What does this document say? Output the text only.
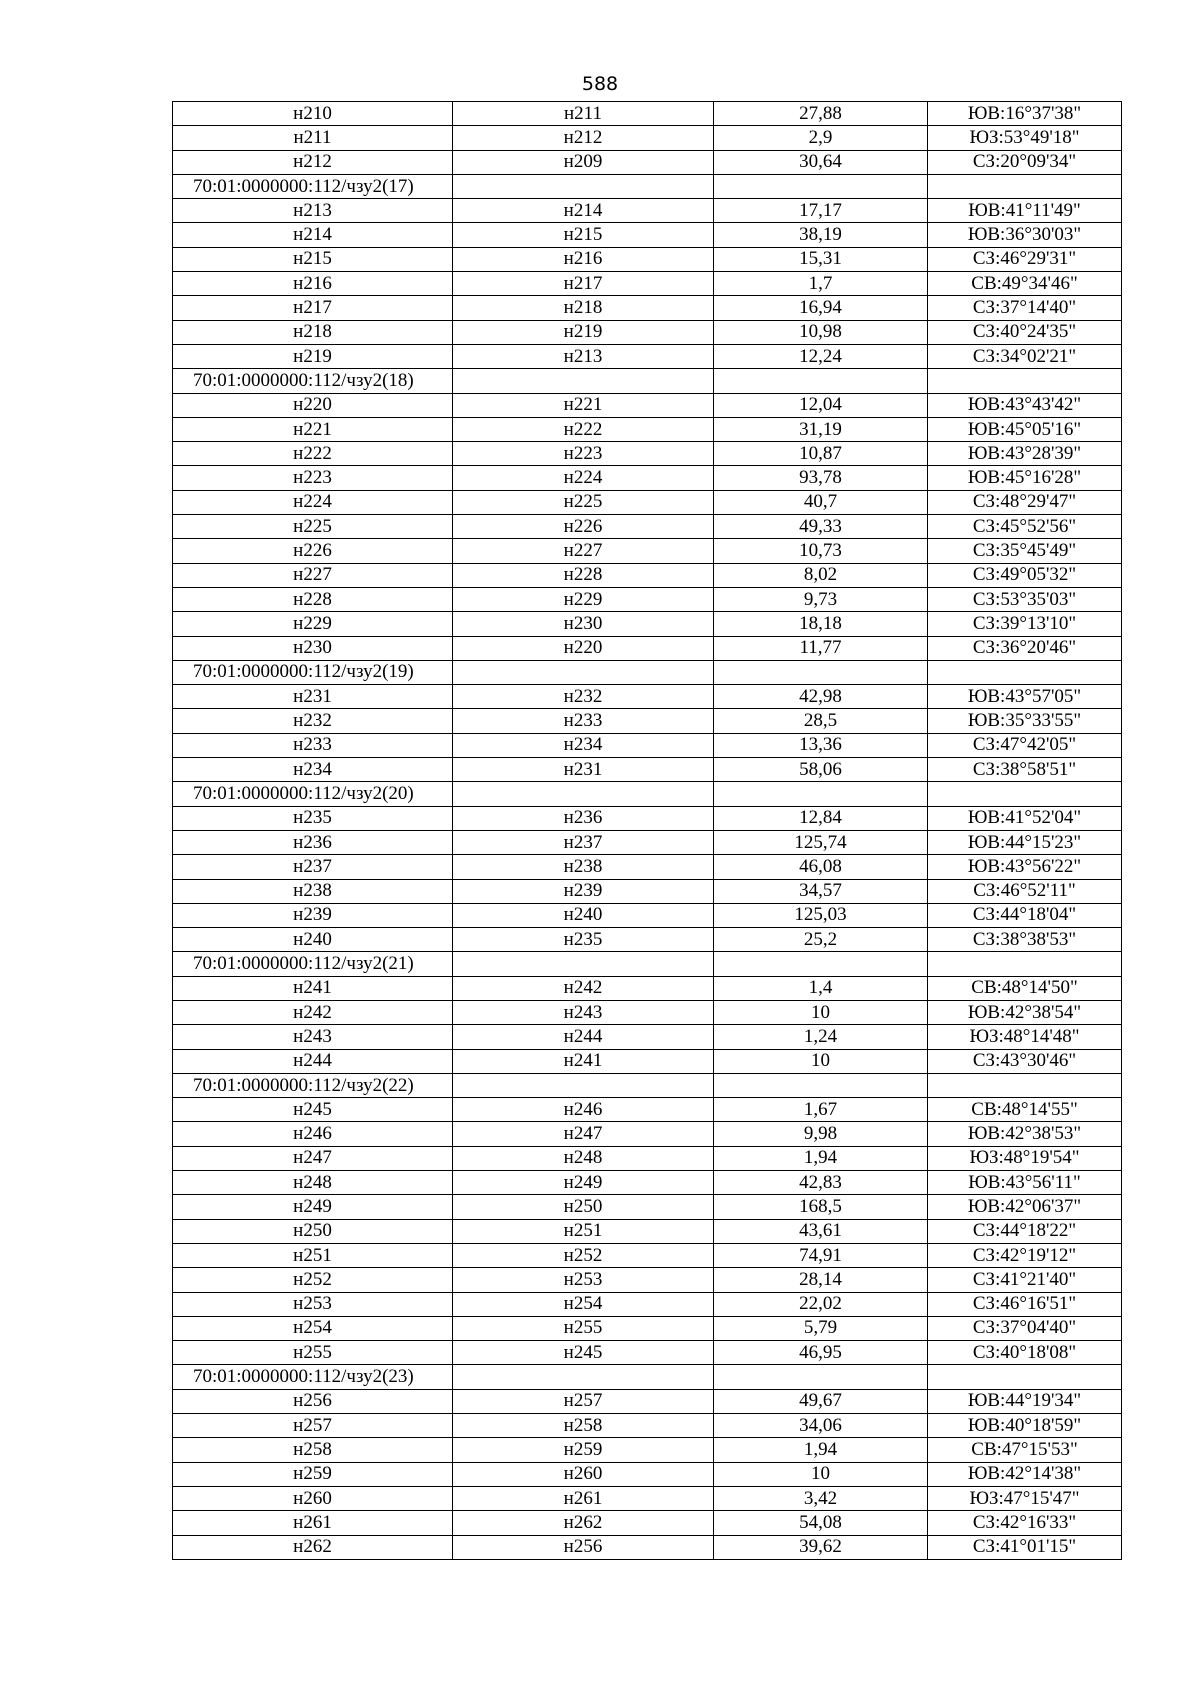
588
н210	н211	27,88	ЮВ:16°37'38"
н211	н212	2,9	ЮЗ:53°49'18"
н212	н209	30,64	СЗ:20°09'34"
70:01:0000000:112/чзу2(17)			
н213	н214	17,17	ЮВ:41°11'49"
н214	н215	38,19	ЮВ:36°30'03"
н215	н216	15,31	СЗ:46°29'31"
н216	н217	1,7	СВ:49°34'46"
н217	н218	16,94	СЗ:37°14'40"
н218	н219	10,98	СЗ:40°24'35"
н219	н213	12,24	СЗ:34°02'21"
70:01:0000000:112/чзу2(18)			
н220	н221	12,04	ЮВ:43°43'42"
н221	н222	31,19	ЮВ:45°05'16"
н222	н223	10,87	ЮВ:43°28'39"
н223	н224	93,78	ЮВ:45°16'28"
н224	н225	40,7	СЗ:48°29'47"
н225	н226	49,33	СЗ:45°52'56"
н226	н227	10,73	СЗ:35°45'49"
н227	н228	8,02	СЗ:49°05'32"
н228	н229	9,73	СЗ:53°35'03"
н229	н230	18,18	СЗ:39°13'10"
н230	н220	11,77	СЗ:36°20'46"
70:01:0000000:112/чзу2(19)			
н231	н232	42,98	ЮВ:43°57'05"
н232	н233	28,5	ЮВ:35°33'55"
н233	н234	13,36	СЗ:47°42'05"
н234	н231	58,06	СЗ:38°58'51"
70:01:0000000:112/чзу2(20)			
н235	н236	12,84	ЮВ:41°52'04"
н236	н237	125,74	ЮВ:44°15'23"
н237	н238	46,08	ЮВ:43°56'22"
н238	н239	34,57	СЗ:46°52'11"
н239	н240	125,03	СЗ:44°18'04"
н240	н235	25,2	СЗ:38°38'53"
70:01:0000000:112/чзу2(21)			
н241	н242	1,4	СВ:48°14'50"
н242	н243	10	ЮВ:42°38'54"
н243	н244	1,24	ЮЗ:48°14'48"
н244	н241	10	СЗ:43°30'46"
70:01:0000000:112/чзу2(22)			
н245	н246	1,67	СВ:48°14'55"
н246	н247	9,98	ЮВ:42°38'53"
н247	н248	1,94	ЮЗ:48°19'54"
н248	н249	42,83	ЮВ:43°56'11"
н249	н250	168,5	ЮВ:42°06'37"
н250	н251	43,61	СЗ:44°18'22"
н251	н252	74,91	СЗ:42°19'12"
н252	н253	28,14	СЗ:41°21'40"
н253	н254	22,02	СЗ:46°16'51"
н254	н255	5,79	СЗ:37°04'40"
н255	н245	46,95	СЗ:40°18'08"
70:01:0000000:112/чзу2(23)			
н256	н257	49,67	ЮВ:44°19'34"
н257	н258	34,06	ЮВ:40°18'59"
н258	н259	1,94	СВ:47°15'53"
н259	н260	10	ЮВ:42°14'38"
н260	н261	3,42	ЮЗ:47°15'47"
н261	н262	54,08	СЗ:42°16'33"
н262	н256	39,62	СЗ:41°01'15"
